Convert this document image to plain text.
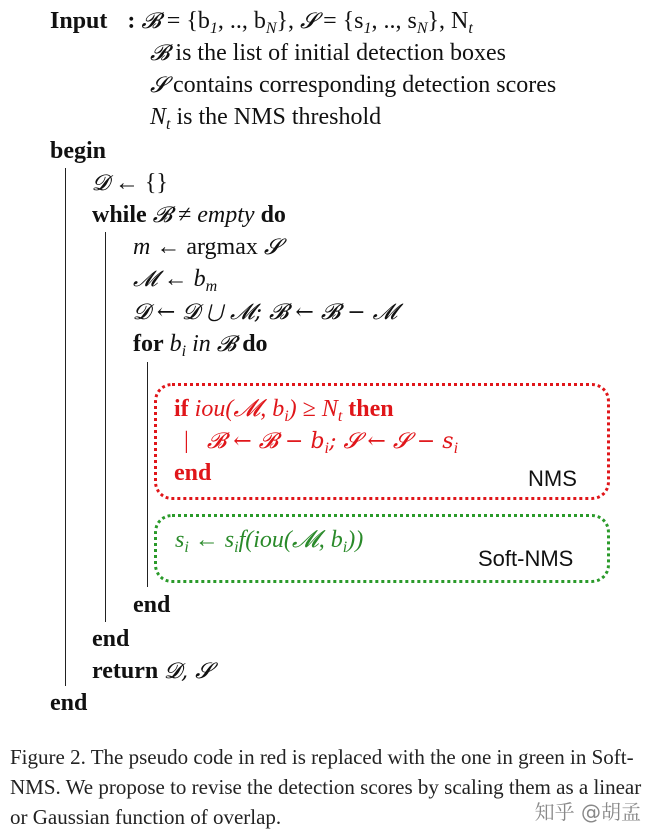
Input : 𝓑 = {$b_1$, .., $b_N$}, 𝓢 = {$s_1$, .., $s_N$}, $N_t$
𝓑 is the list of initial detection boxes
𝓢 contains corresponding detection scores
$N_t$ is the NMS threshold
begin
𝓓 ← {}
while 𝓑 ≠ empty do
m ← argmax 𝓢
𝓜 ← $b_m$
𝓓 ← 𝓓 ⋃ 𝓜; 𝓑 ← 𝓑 − 𝓜
for $b_i$ in 𝓑 do
if iou(𝓜, $b_i) \ge N_t$ then
| 𝓑 ← 𝓑 − $b_i$; 𝓢 ← 𝓢 − $s_i$
end	NMS
$s_i$ ← $s_if(iou(𝓜$, $b_i$))
Soft-NMS
end
end
return 𝓓, 𝓢
end
Figure 2. The pseudo code in red is replaced with the one in green in Soft-NMS. We propose to revise the detection scores by scaling them as a linear or Gaussian function of overlap.	知乎 @胡孟
